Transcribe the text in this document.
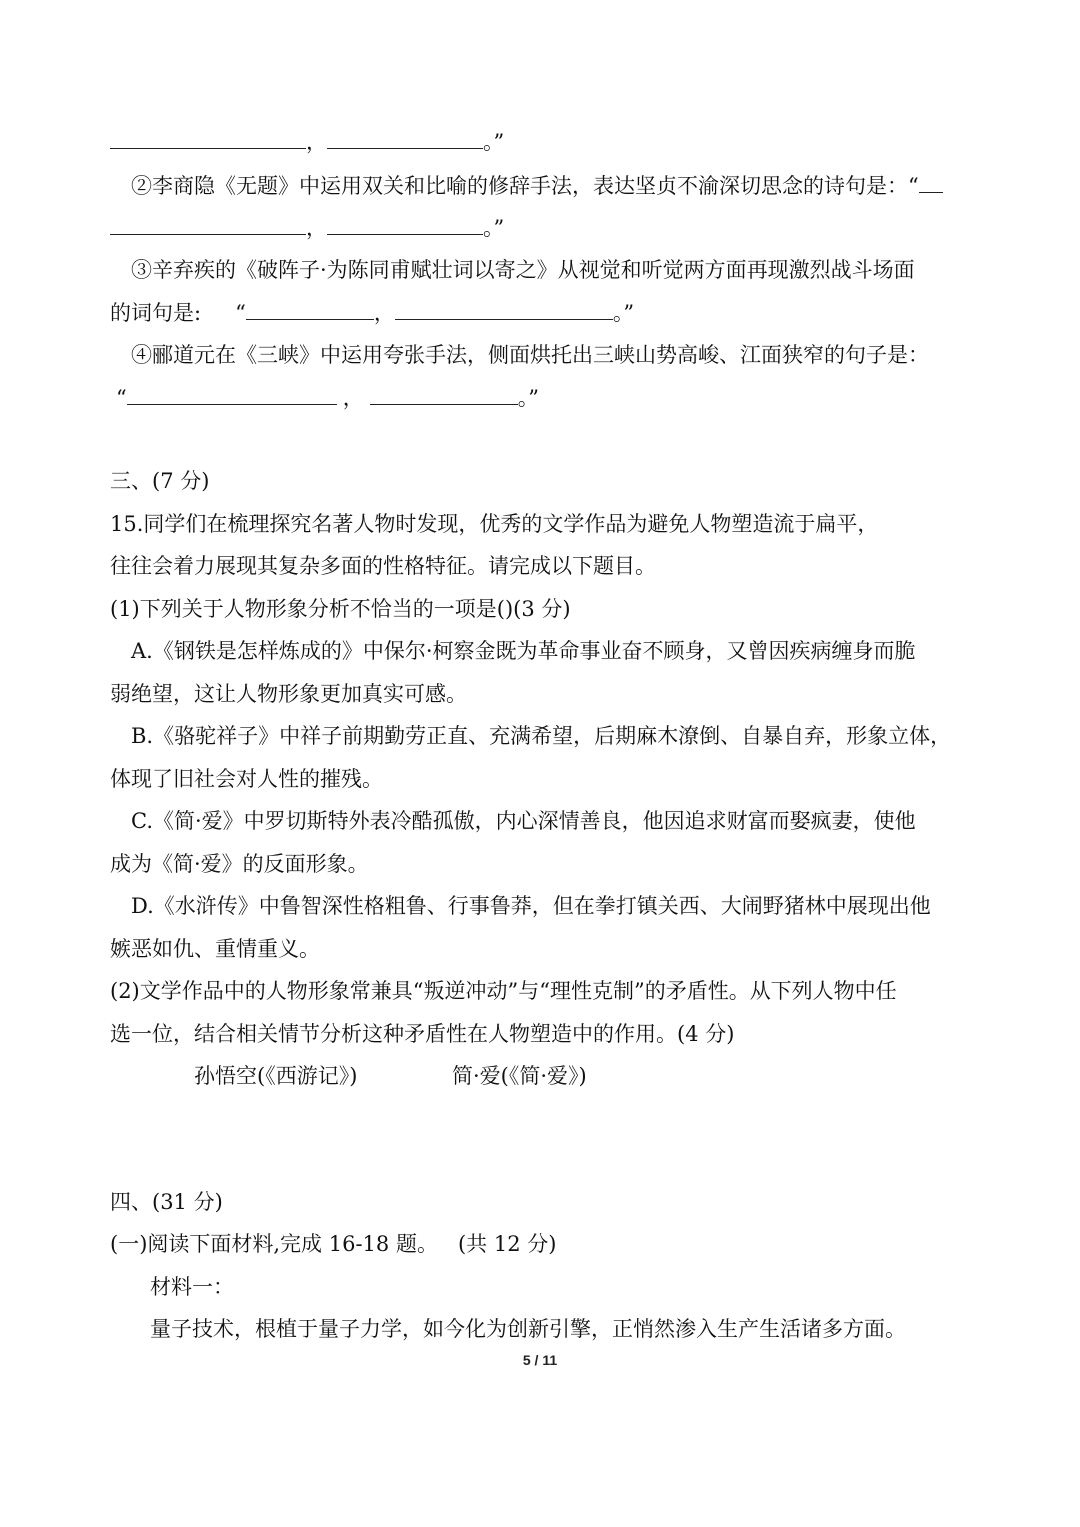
，	。”
②李商隐《无题》中运用双关和比喻的修辞手法，表达坚贞不渝深切思念的诗句是：“
，	。”
③辛弃疾的《破阵子·为陈同甫赋壮词以寄之》从视觉和听觉两方面再现激烈战斗场面
的词句是: “	，	。”
④郦道元在《三峡》中运用夸张手法，侧面烘托出三峡山势高峻、江面狭窄的句子是：
“	，	。”
三、(7 分)
15.同学们在梳理探究名著人物时发现，优秀的文学作品为避免人物塑造流于扁平，
往往会着力展现其复杂多面的性格特征。请完成以下题目。
(1)下列关于人物形象分析不恰当的一项是()(3 分)
A.《钢铁是怎样炼成的》中保尔·柯察金既为革命事业奋不顾身，又曾因疾病缠身而脆
弱绝望，这让人物形象更加真实可感。
B.《骆驼祥子》中祥子前期勤劳正直、充满希望，后期麻木潦倒、自暴自弃，形象立体，
体现了旧社会对人性的摧残。
C.《简·爱》中罗切斯特外表冷酷孤傲，内心深情善良，他因追求财富而娶疯妻，使他
成为《简·爱》的反面形象。
D.《水浒传》中鲁智深性格粗鲁、行事鲁莽，但在拳打镇关西、大闹野猪林中展现出他
嫉恶如仇、重情重义。
(2)文学作品中的人物形象常兼具“叛逆冲动”与“理性克制”的矛盾性。从下列人物中任
选一位，结合相关情节分析这种矛盾性在人物塑造中的作用。(4 分)
孙悟空(《西游记》)	简·爱(《简·爱》)
四、(31 分)
(一)阅读下面材料,完成 16-18 题。   (共 12 分)
材料一：
量子技术，根植于量子力学，如今化为创新引擎，正悄然渗入生产生活诸多方面。
5 / 11
